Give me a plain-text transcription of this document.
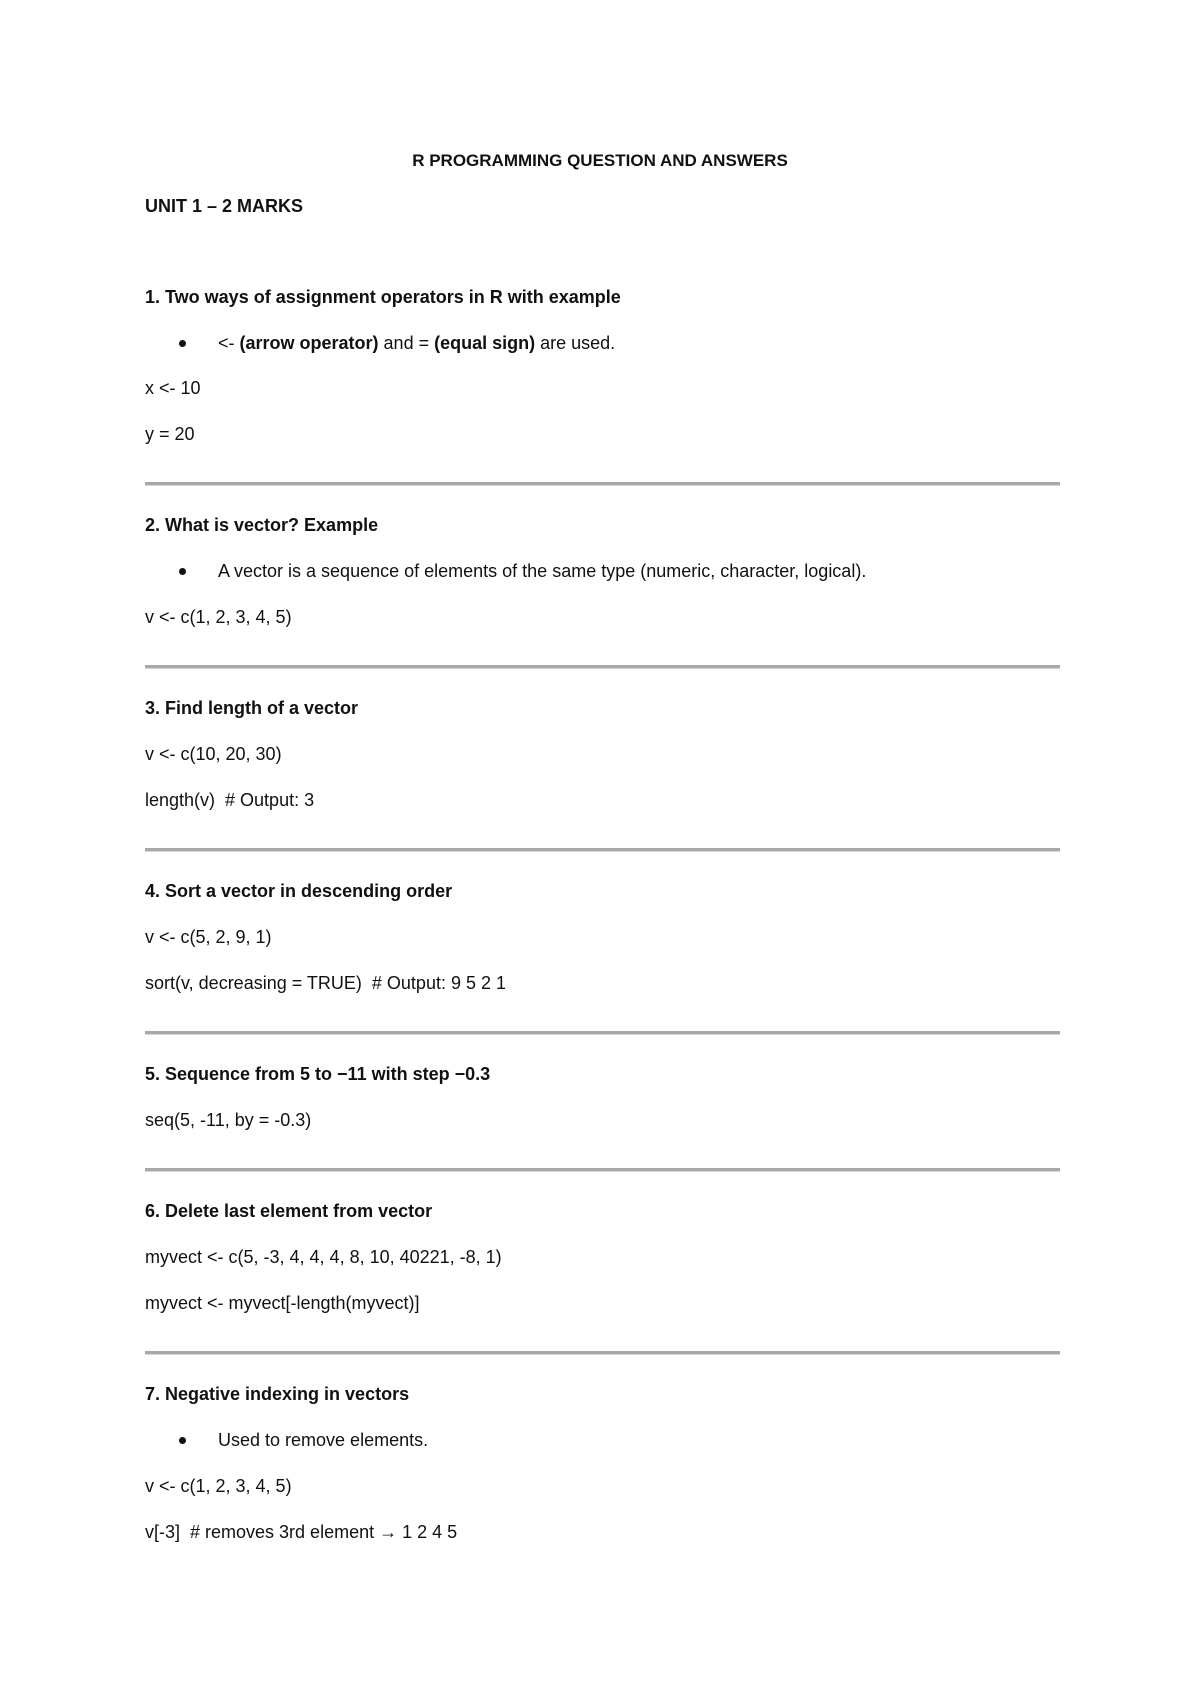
R PROGRAMMING QUESTION AND ANSWERS
UNIT 1 – 2 MARKS
1. Two ways of assignment operators in R with example

<- (arrow operator) and = (equal sign) are used.

x <- 10
y = 20
2. What is vector? Example

A vector is a sequence of elements of the same type (numeric, character, logical).

v <- c(1, 2, 3, 4, 5)
3. Find length of a vector
v <- c(10, 20, 30)
length(v)  # Output: 3
4. Sort a vector in descending order
v <- c(5, 2, 9, 1)
sort(v, decreasing = TRUE)  # Output: 9 5 2 1
5. Sequence from 5 to −11 with step −0.3
seq(5, -11, by = -0.3)
6. Delete last element from vector
myvect <- c(5, -3, 4, 4, 4, 8, 10, 40221, -8, 1)
myvect <- myvect[-length(myvect)]
7. Negative indexing in vectors

Used to remove elements.

v <- c(1, 2, 3, 4, 5)
v[-3]  # removes 3rd element → 1 2 4 5
